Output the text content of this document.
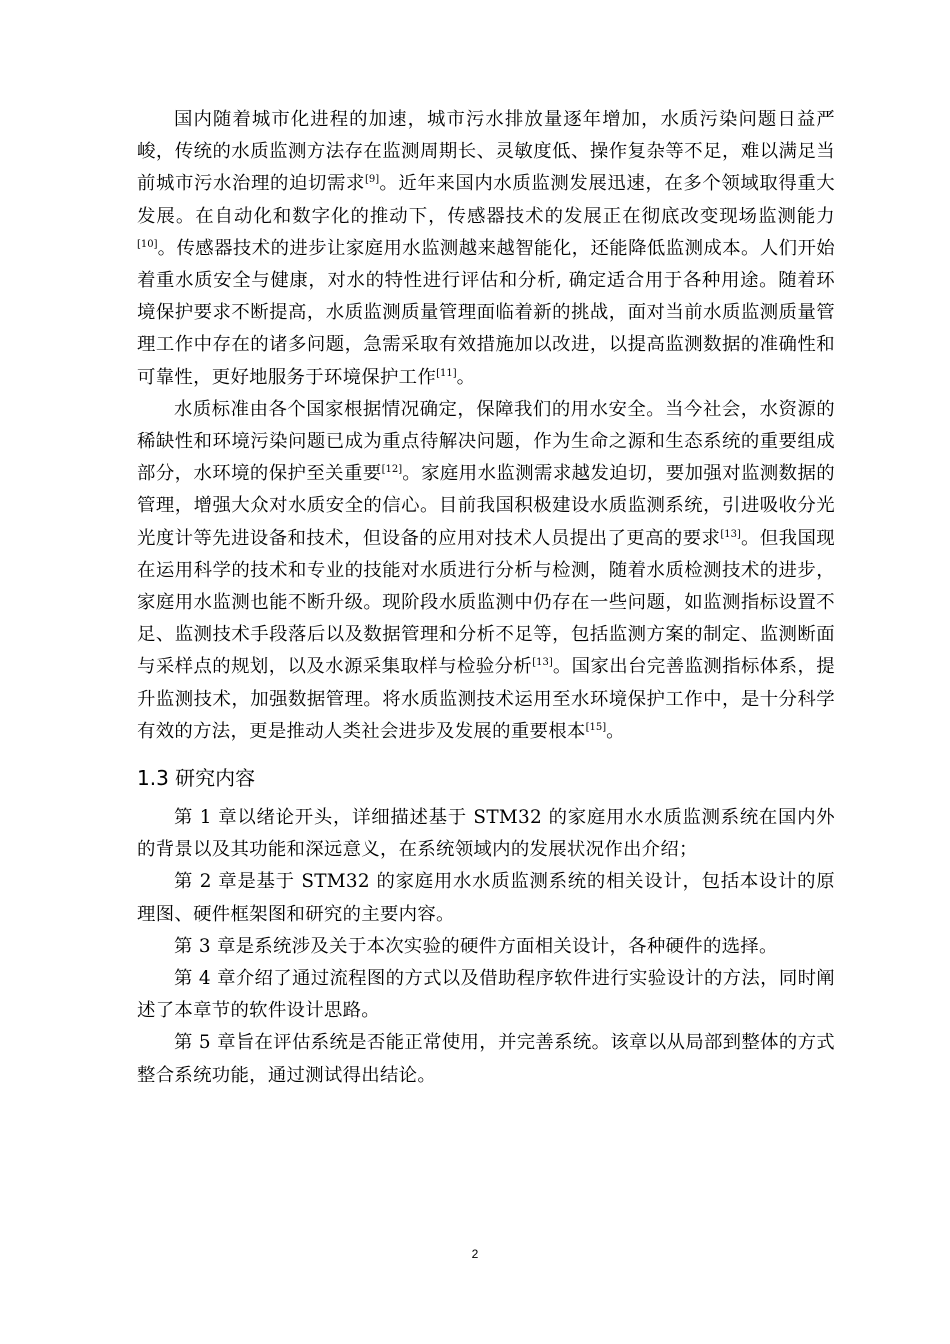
国内随着城市化进程的加速，城市污水排放量逐年增加，水质污染问题日益严峻，传统的水质监测方法存在监测周期长、灵敏度低、操作复杂等不足，难以满足当前城市污水治理的迫切需求[9]。近年来国内水质监测发展迅速，在多个领域取得重大发展。在自动化和数字化的推动下，传感器技术的发展正在彻底改变现场监测能力[10]。传感器技术的进步让家庭用水监测越来越智能化，还能降低监测成本。人们开始着重水质安全与健康，对水的特性进行评估和分析, 确定适合用于各种用途。随着环境保护要求不断提高，水质监测质量管理面临着新的挑战，面对当前水质监测质量管理工作中存在的诸多问题，急需采取有效措施加以改进，以提高监测数据的准确性和可靠性，更好地服务于环境保护工作[11]。

水质标准由各个国家根据情况确定，保障我们的用水安全。当今社会，水资源的稀缺性和环境污染问题已成为重点待解决问题，作为生命之源和生态系统的重要组成部分，水环境的保护至关重要[12]。家庭用水监测需求越发迫切，要加强对监测数据的管理，增强大众对水质安全的信心。目前我国积极建设水质监测系统，引进吸收分光光度计等先进设备和技术，但设备的应用对技术人员提出了更高的要求[13]。但我国现在运用科学的技术和专业的技能对水质进行分析与检测，随着水质检测技术的进步，家庭用水监测也能不断升级。现阶段水质监测中仍存在一些问题，如监测指标设置不足、监测技术手段落后以及数据管理和分析不足等，包括监测方案的制定、监测断面与采样点的规划，以及水源采集取样与检验分析[13]。国家出台完善监测指标体系，提升监测技术，加强数据管理。将水质监测技术运用至水环境保护工作中，是十分科学有效的方法，更是推动人类社会进步及发展的重要根本[15]。

1.3 研究内容

第 1 章以绪论开头，详细描述基于 STM32 的家庭用水水质监测系统在国内外的背景以及其功能和深远意义，在系统领域内的发展状况作出介绍；

第 2 章是基于 STM32 的家庭用水水质监测系统的相关设计，包括本设计的原理图、硬件框架图和研究的主要内容。

第 3 章是系统涉及关于本次实验的硬件方面相关设计，各种硬件的选择。

第 4 章介绍了通过流程图的方式以及借助程序软件进行实验设计的方法，同时阐述了本章节的软件设计思路。

第 5 章旨在评估系统是否能正常使用，并完善系统。该章以从局部到整体的方式整合系统功能，通过测试得出结论。

2
